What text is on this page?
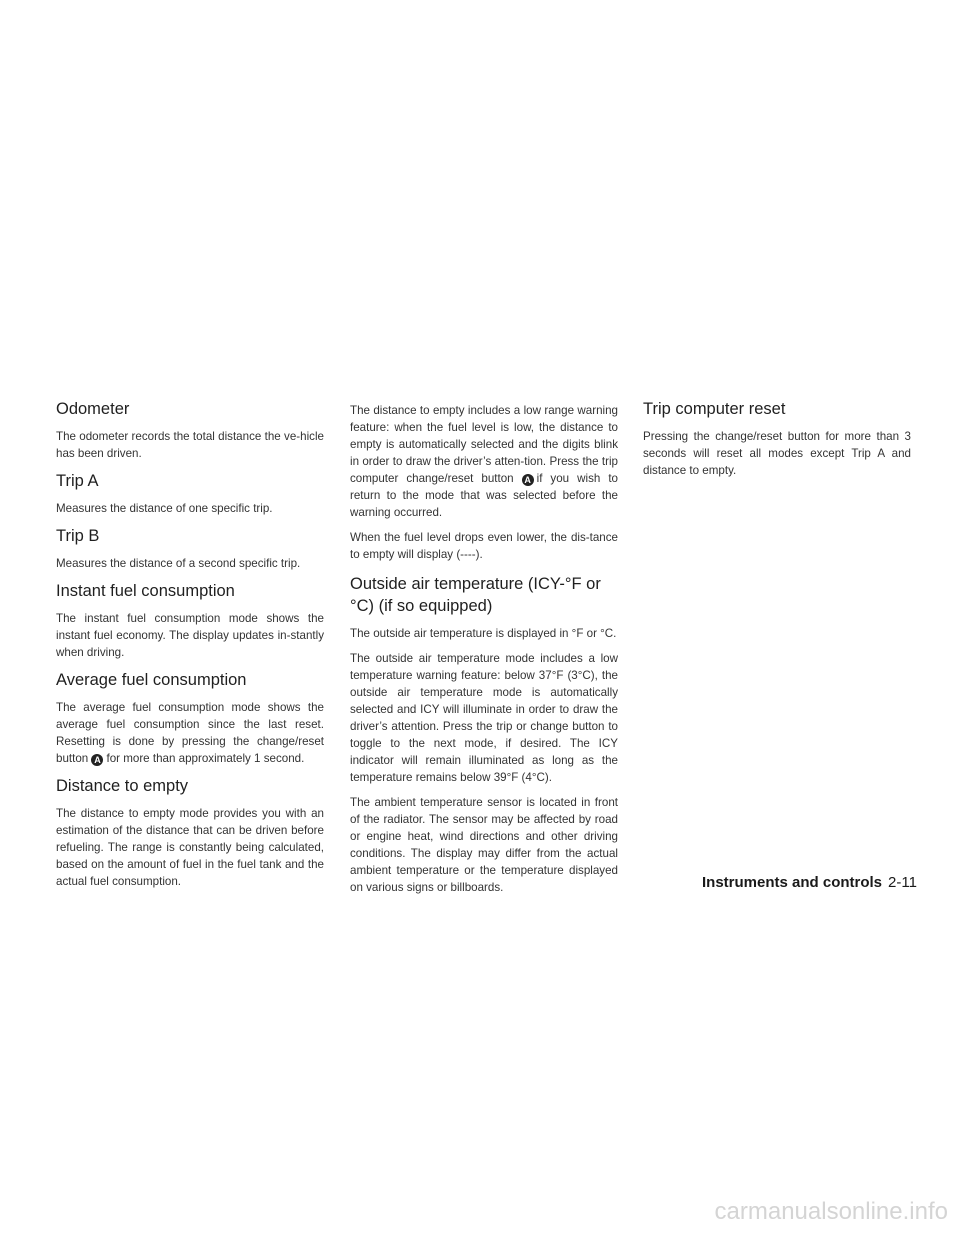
Odometer

The odometer records the total distance the ve-hicle has been driven.

Trip A

Measures the distance of one specific trip.

Trip B

Measures the distance of a second specific trip.

Instant fuel consumption

The instant fuel consumption mode shows the instant fuel economy. The display updates in-stantly when driving.

Average fuel consumption

The average fuel consumption mode shows the average fuel consumption since the last reset. Resetting is done by pressing the change/reset button A for more than approximately 1 second.

Distance to empty

The distance to empty mode provides you with an estimation of the distance that can be driven before refueling. The range is constantly being calculated, based on the amount of fuel in the fuel tank and the actual fuel consumption.

The distance to empty includes a low range warning feature: when the fuel level is low, the distance to empty is automatically selected and the digits blink in order to draw the driver’s atten-tion. Press the trip computer change/reset button A if you wish to return to the mode that was selected before the warning occurred.

When the fuel level drops even lower, the dis-tance to empty will display (----).

Outside air temperature (ICY-°F or °C) (if so equipped)

The outside air temperature is displayed in °F or °C.

The outside air temperature mode includes a low temperature warning feature: below 37°F (3°C), the outside air temperature mode is automatically selected and ICY will illuminate in order to draw the driver’s attention. Press the trip or change button to toggle to the next mode, if desired. The ICY indicator will remain illuminated as long as the temperature remains below 39°F (4°C).

The ambient temperature sensor is located in front of the radiator. The sensor may be affected by road or engine heat, wind directions and other driving conditions. The display may differ from the actual ambient temperature or the temperature displayed on various signs or billboards.

Trip computer reset

Pressing the change/reset button for more than 3 seconds will reset all modes except Trip A and distance to empty.

Instruments and controls 2-11
carmanualsonline.info
